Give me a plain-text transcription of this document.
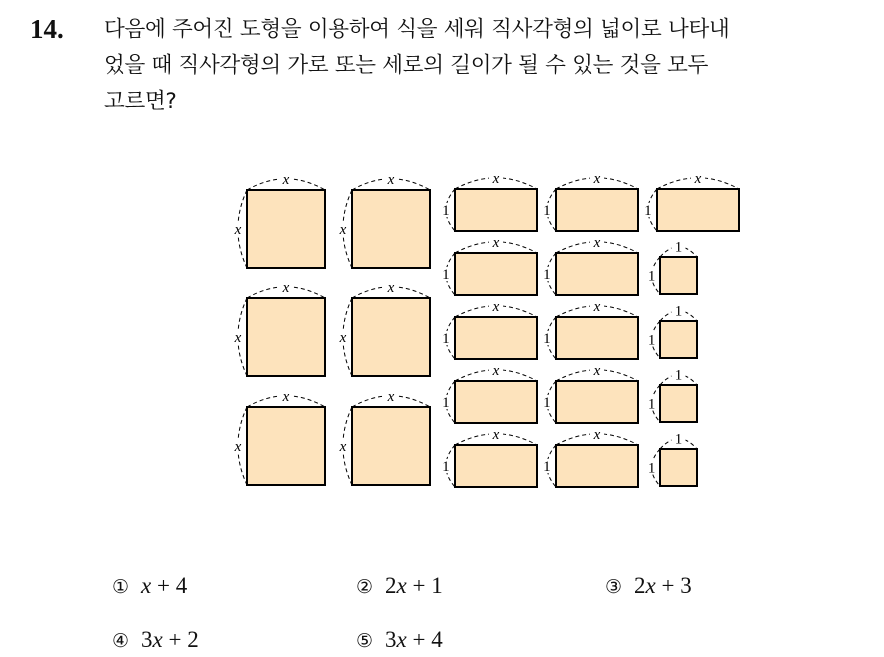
14. 다음에 주어진 도형을 이용하여 식을 세워 직사각형의 넓이로 나타내
었을 때 직사각형의 가로 또는 세로의 길이가 될 수 있는 것을 모두
고르면?
x
x
x
x
x
x
x
x
x
x
x
x
x
1
x
1
x
1
x
1
x
1
x
1
x
1
x
1
x
1
x
1
x
1
1
1
1
1
1
1
1
1
① x + 4	② 2x + 1	③ 2x + 3
④ 3x + 2	⑤ 3x + 4
